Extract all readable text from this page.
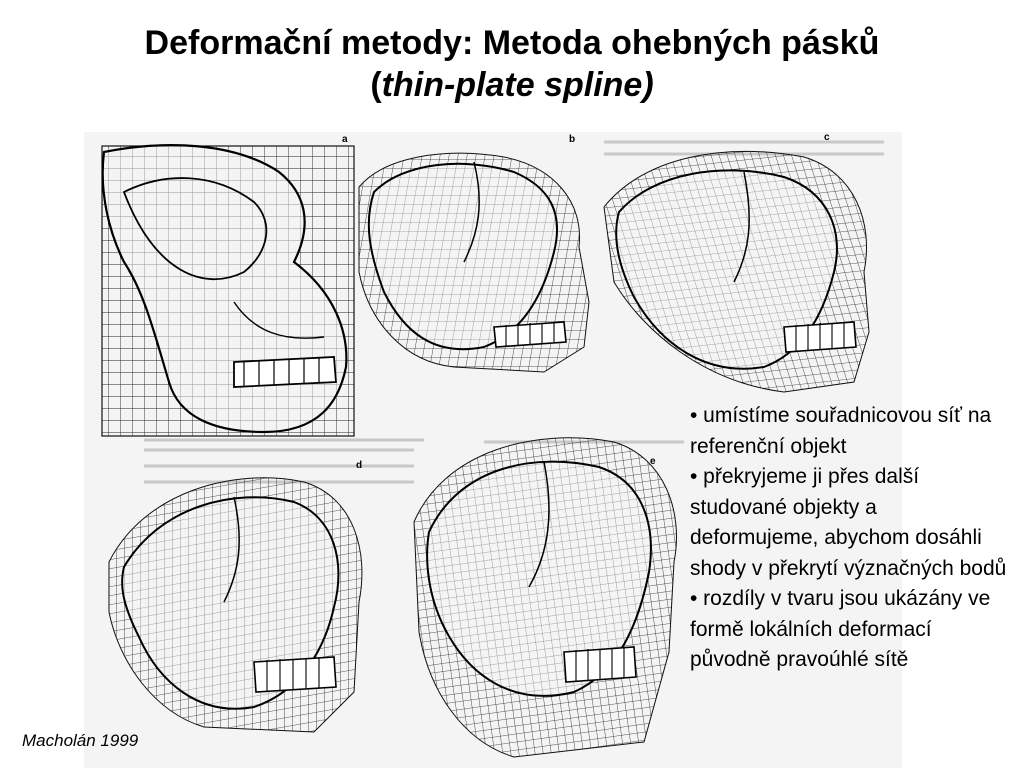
Deformační metody: Metoda ohebných pásků
(thin-plate spline)
a	b	c
d	e
• umístíme souřadnicovou síť na referenční objekt
• překryjeme ji přes další studované objekty a deformujeme, abychom dosáhli shody v překrytí význačných bodů
• rozdíly v tvaru jsou ukázány ve formě lokálních deformací původně pravoúhlé sítě
Macholán 1999
